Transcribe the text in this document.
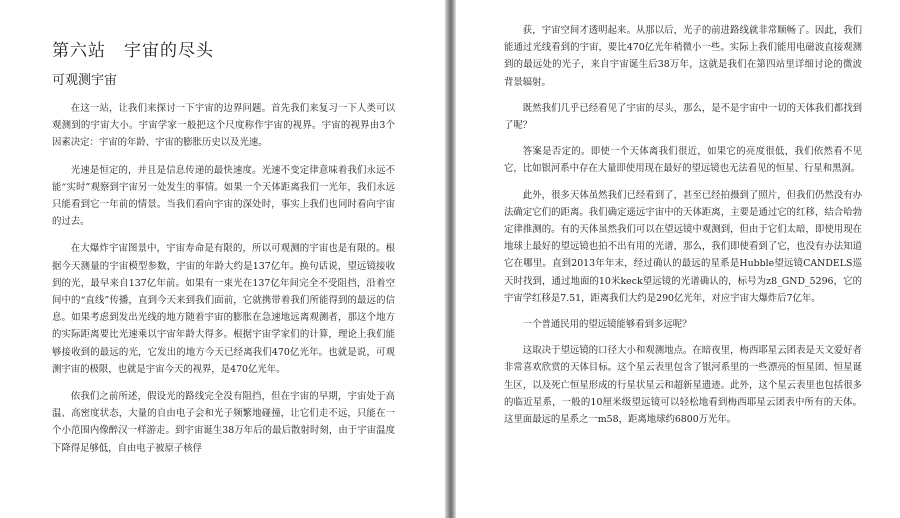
第六站　宇宙的尽头
可观测宇宙

在这一站，让我们来探讨一下宇宙的边界问题。首先我们来复习一下人类可以观测到的宇宙大小。宇宙学家一般把这个尺度称作宇宙的视界。宇宙的视界由3个因素决定：宇宙的年龄、宇宙的膨胀历史以及光速。

光速是恒定的，并且是信息传递的最快速度。光速不变定律意味着我们永远不能“实时”观察到宇宙另一处发生的事情。如果一个天体距离我们一光年，我们永远只能看到它一年前的情景。当我们看向宇宙的深处时，事实上我们也同时看向宇宙的过去。

在大爆炸宇宙图景中，宇宙寿命是有限的，所以可观测的宇宙也是有限的。根据今天测量的宇宙模型参数，宇宙的年龄大约是137亿年。换句话说，望远镜接收到的光，最早来自137亿年前。如果有一束光在137亿年间完全不受阻挡，沿着空间中的“直线”传播，直到今天来到我们面前，它就携带着我们所能得到的最远的信息。如果考虑到发出光线的地方随着宇宙的膨胀在急速地远离观测者，那这个地方的实际距离要比光速乘以宇宙年龄大得多。根据宇宙学家们的计算，理论上我们能够接收到的最远的光，它发出的地方今天已经离我们470亿光年。也就是说，可观测宇宙的极限，也就是宇宙今天的视界，是470亿光年。

依我们之前所述，假设光的路线完全没有阻挡，但在宇宙的早期，宇宙处于高温、高密度状态，大量的自由电子会和光子频繁地碰撞，让它们走不远，只能在一个小范围内像醉汉一样游走。到宇宙诞生38万年后的最后散射时刻，由于宇宙温度下降得足够低，自由电子被原子核俘

获，宇宙空间才透明起来。从那以后，光子的前进路线就非常顺畅了。因此，我们能通过光线看到的宇宙，要比470亿光年稍微小一些。实际上我们能用电磁波直接观测到的最远处的光子，来自宇宙诞生后38万年，这就是我们在第四站里详细讨论的微波背景辐射。

既然我们几乎已经看见了宇宙的尽头，那么，是不是宇宙中一切的天体我们都找到了呢？

答案是否定的。即使一个天体离我们很近，如果它的亮度很低，我们依然看不见它，比如银河系中存在大量即使用现在最好的望远镜也无法看见的恒星、行星和黑洞。

此外，很多天体虽然我们已经看到了，甚至已经拍摄到了照片，但我们仍然没有办法确定它们的距离。我们确定遥远宇宙中的天体距离，主要是通过它的红移，结合哈勃定律推测的。有的天体虽然我们可以在望远镜中观测到，但由于它们太暗，即使用现在地球上最好的望远镜也拍不出有用的光谱，那么，我们即使看到了它，也没有办法知道它在哪里。直到2013年年末，经过确认的最远的星系是Hubble望远镜CANDELS巡天时找到，通过地面的10米keck望远镜的光谱确认的，标号为z8_GND_5296，它的宇宙学红移是7.51，距离我们大约是290亿光年，对应宇宙大爆炸后7亿年。

一个普通民用的望远镜能够看到多远呢？

这取决于望远镜的口径大小和观测地点。在暗夜里，梅西耶星云团表是天文爱好者非常喜欢欣赏的天体目标。这个星云表里包含了银河系里的一些漂亮的恒星团、恒星诞生区，以及死亡恒星形成的行星状星云和超新星遗迹。此外，这个星云表里也包括很多的临近星系，一般的10厘米级望远镜可以轻松地看到梅西耶星云团表中所有的天体。这里面最远的星系之一m58，距离地球约6800万光年。
